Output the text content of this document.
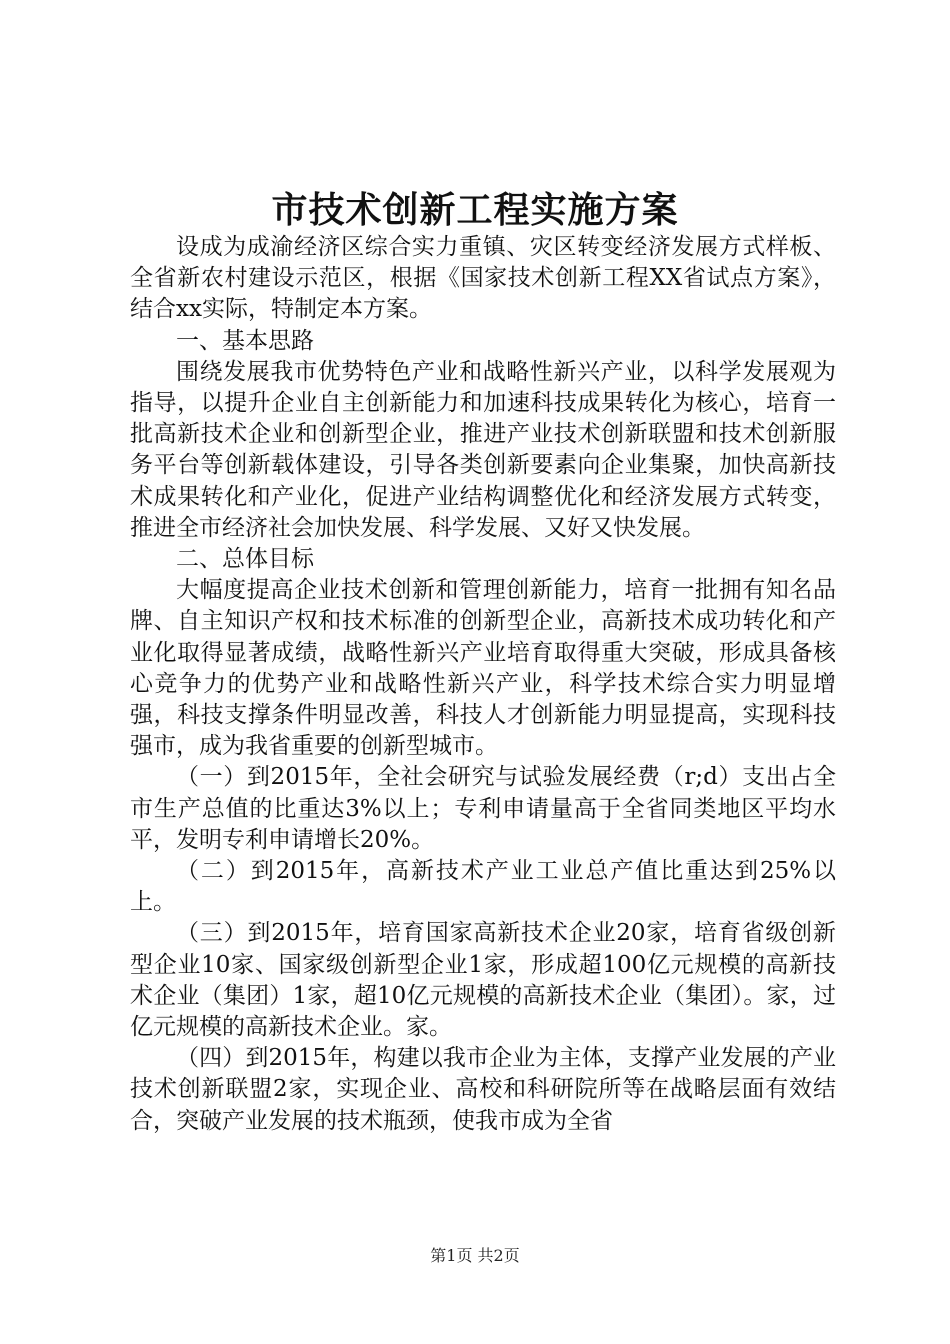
市技术创新工程实施方案

设成为成渝经济区综合实力重镇、灾区转变经济发展方式样板、全省新农村建设示范区，根据《国家技术创新工程XX省试点方案》，结合xx实际，特制定本方案。

一、基本思路

围绕发展我市优势特色产业和战略性新兴产业，以科学发展观为指导，以提升企业自主创新能力和加速科技成果转化为核心，培育一批高新技术企业和创新型企业，推进产业技术创新联盟和技术创新服务平台等创新载体建设，引导各类创新要素向企业集聚，加快高新技术成果转化和产业化，促进产业结构调整优化和经济发展方式转变，推进全市经济社会加快发展、科学发展、又好又快发展。

二、总体目标

大幅度提高企业技术创新和管理创新能力，培育一批拥有知名品牌、自主知识产权和技术标准的创新型企业，高新技术成功转化和产业化取得显著成绩，战略性新兴产业培育取得重大突破，形成具备核心竞争力的优势产业和战略性新兴产业，科学技术综合实力明显增强，科技支撑条件明显改善，科技人才创新能力明显提高，实现科技强市，成为我省重要的创新型城市。

（一）到2015年，全社会研究与试验发展经费（r;d）支出占全市生产总值的比重达3%以上；专利申请量高于全省同类地区平均水平，发明专利申请增长20%。

（二）到2015年，高新技术产业工业总产值比重达到25%以上。

（三）到2015年，培育国家高新技术企业20家，培育省级创新型企业10家、国家级创新型企业1家，形成超100亿元规模的高新技术企业（集团）1家，超10亿元规模的高新技术企业（集团）。家，过亿元规模的高新技术企业。家。

（四）到2015年，构建以我市企业为主体，支撑产业发展的产业技术创新联盟2家，实现企业、高校和科研院所等在战略层面有效结合，突破产业发展的技术瓶颈，使我市成为全省

第1页 共2页
